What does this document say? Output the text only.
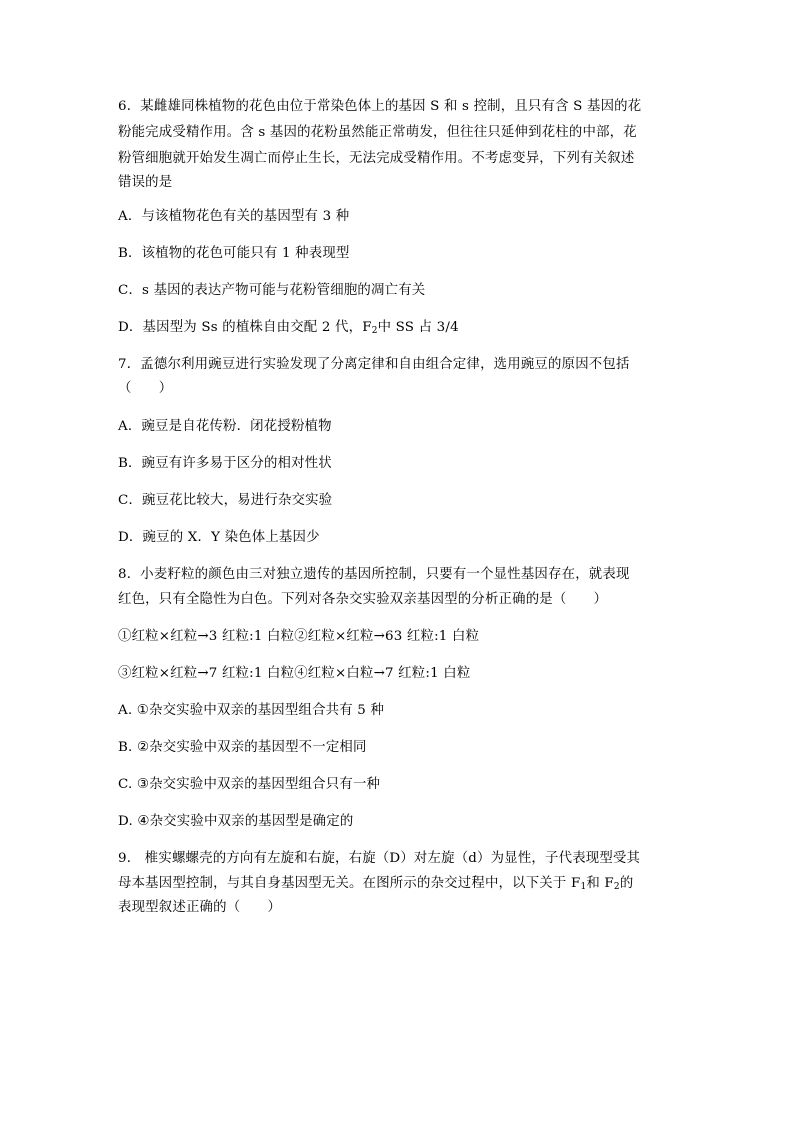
6．某雌雄同株植物的花色由位于常染色体上的基因 S 和 s 控制，且只有含 S 基因的花
粉能完成受精作用。含 s 基因的花粉虽然能正常萌发，但往往只延伸到花柱的中部，花
粉管细胞就开始发生凋亡而停止生长，无法完成受精作用。不考虑变异，下列有关叙述
错误的是
A．与该植物花色有关的基因型有 3 种
B．该植物的花色可能只有 1 种表现型
C．s 基因的表达产物可能与花粉管细胞的凋亡有关
D．基因型为 Ss 的植株自由交配 2 代，$F_2$中 SS 占 3/4
7．孟德尔利用豌豆进行实验发现了分离定律和自由组合定律，选用豌豆的原因不包括
（　　）
A．豌豆是自花传粉．闭花授粉植物
B．豌豆有许多易于区分的相对性状
C．豌豆花比较大，易进行杂交实验
D．豌豆的 X．Y 染色体上基因少
8．小麦籽粒的颜色由三对独立遗传的基因所控制，只要有一个显性基因存在，就表现
红色，只有全隐性为白色。下列对各杂交实验双亲基因型的分析正确的是（　　）
①红粒×红粒→3 红粒:1 白粒②红粒×红粒→63 红粒:1 白粒
③红粒×红粒→7 红粒:1 白粒④红粒×白粒→7 红粒:1 白粒
A. ①杂交实验中双亲的基因型组合共有 5 种
B. ②杂交实验中双亲的基因型不一定相同
C. ③杂交实验中双亲的基因型组合只有一种
D. ④杂交实验中双亲的基因型是确定的
9． 椎实螺螺壳的方向有左旋和右旋，右旋（D）对左旋（d）为显性，子代表现型受其
母本基因型控制，与其自身基因型无关。在图所示的杂交过程中，以下关于 $F_1$和 $F_2$的
表现型叙述正确的（　　）
